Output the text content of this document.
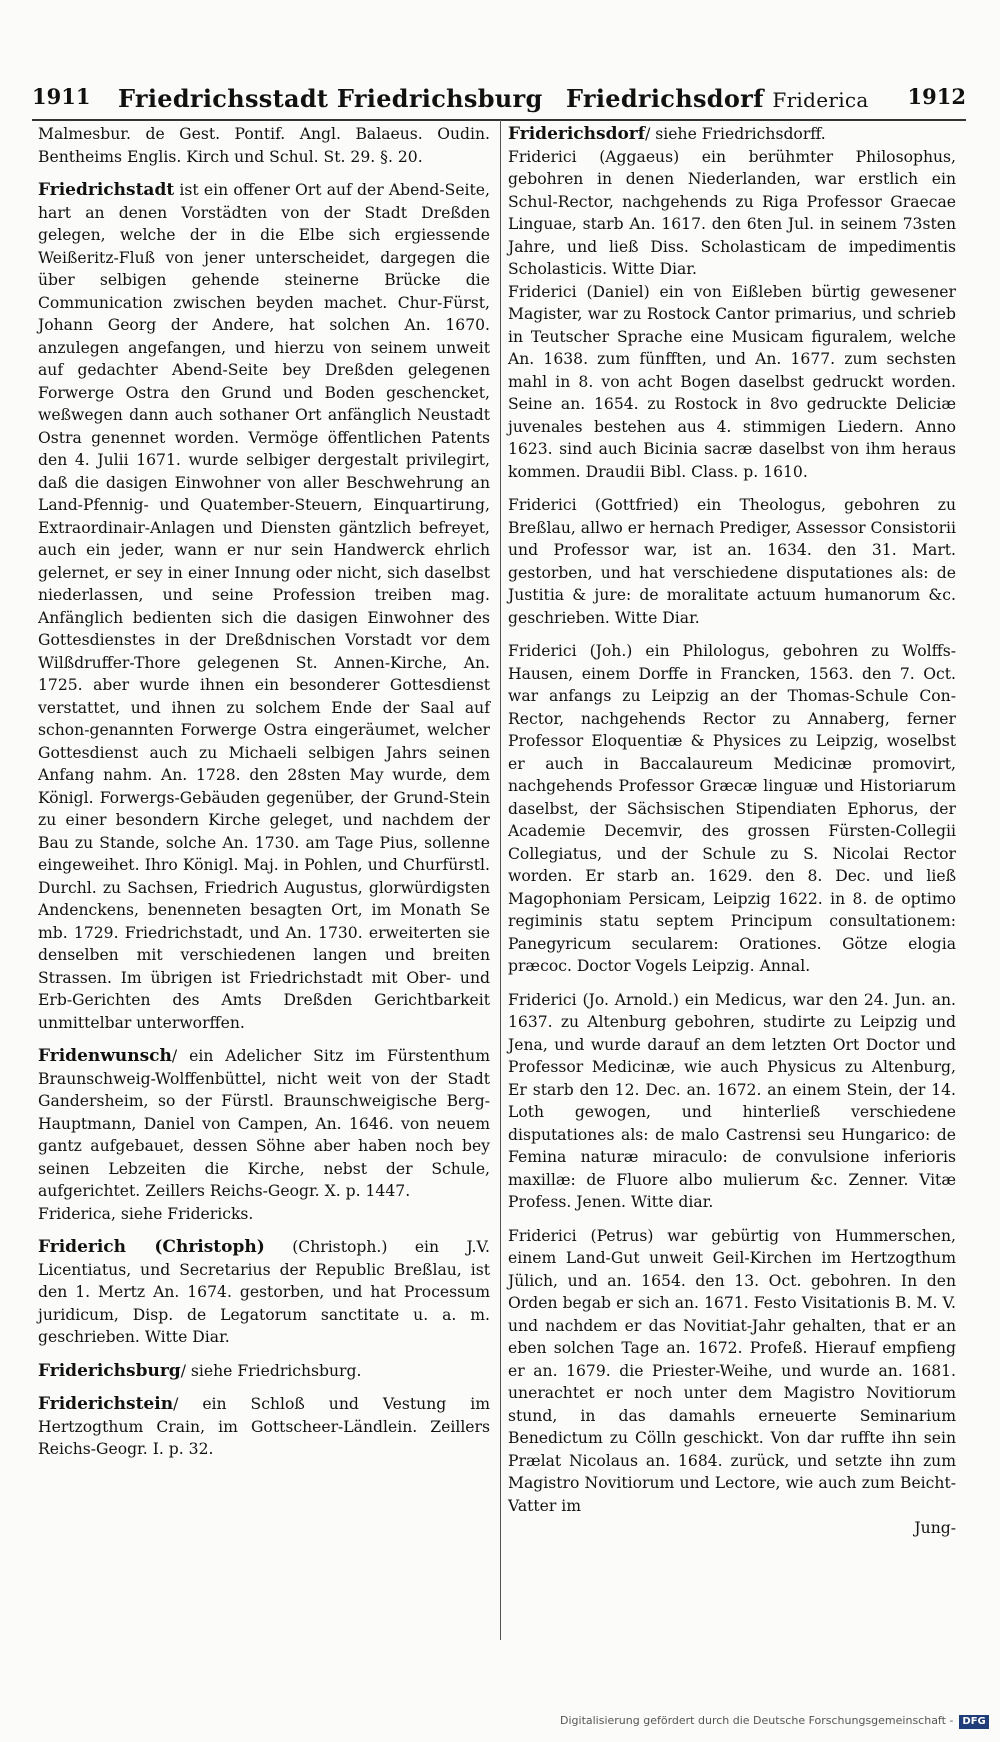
1911 Friedrichsstadt Friedrichsburg Friedrichsdorf Friderica 1912

Malmesbur. de Gest. Pontif. Angl. Balaeus. Oudin. Bentheims Englis. Kirch und Schul. St. 29. §. 20.

Friedrichstadt ist ein offener Ort auf der Abend-Seite, hart an denen Vorstädten von der Stadt Dreßden gelegen, welche der in die Elbe sich ergiessende Weißeritz-Fluß von jener unterscheidet, dargegen die über selbigen gehende steinerne Brücke die Communication zwischen beyden machet. Chur-Fürst, Johann Georg der Andere, hat solchen An. 1670. anzulegen angefangen, und hierzu von seinem unweit auf gedachter Abend-Seite bey Dreßden gelegenen Forwerge Ostra den Grund und Boden geschencket, weßwegen dann auch sothaner Ort anfänglich Neustadt Ostra genennet worden. Vermöge öffentlichen Patents den 4. Julii 1671. wurde selbiger dergestalt privilegirt, daß die dasigen Einwohner von aller Beschwehrung an Land-Pfennig- und Quatember-Steuern, Einquartirung, Extraordinair-Anlagen und Diensten gäntzlich befreyet, auch ein jeder, wann er nur sein Handwerck ehrlich gelernet, er sey in einer Innung oder nicht, sich daselbst niederlassen, und seine Profession treiben mag. Anfänglich bedienten sich die dasigen Einwohner des Gottesdienstes in der Dreßdnischen Vorstadt vor dem Wilßdruffer-Thore gelegenen St. Annen-Kirche, An. 1725. aber wurde ihnen ein besonderer Gottesdienst verstattet, und ihnen zu solchem Ende der Saal auf schon-genannten Forwerge Ostra eingeräumet, welcher Gottesdienst auch zu Michaeli selbigen Jahrs seinen Anfang nahm. An. 1728. den 28sten May wurde, dem Königl. Forwergs-Gebäuden gegenüber, der Grund-Stein zu einer besondern Kirche geleget, und nachdem der Bau zu Stande, solche An. 1730. am Tage Pius, sollenne eingeweihet. Ihro Königl. Maj. in Pohlen, und Churfürstl. Durchl. zu Sachsen, Friedrich Augustus, glorwürdigsten Andenckens, benenneten besagten Ort, im Monath Se mb. 1729. Friedrichstadt, und An. 1730. erweiterten sie denselben mit verschiedenen langen und breiten Strassen. Im übrigen ist Friedrichstadt mit Ober- und Erb-Gerichten des Amts Dreßden Gerichtbarkeit unmittelbar unterworffen.

Fridenwunsch/ ein Adelicher Sitz im Fürstenthum Braunschweig-Wolffenbüttel, nicht weit von der Stadt Gandersheim, so der Fürstl. Braunschweigische Berg-Hauptmann, Daniel von Campen, An. 1646. von neuem gantz aufgebauet, dessen Söhne aber haben noch bey seinen Lebzeiten die Kirche, nebst der Schule, aufgerichtet. Zeillers Reichs-Geogr. X. p. 1447.

Friderica, siehe Fridericks.

Friderich (Christoph) (Christoph.) ein J.V. Licentiatus, und Secretarius der Republic Breßlau, ist den 1. Mertz An. 1674. gestorben, und hat Processum juridicum, Disp. de Legatorum sanctitate u. a. m. geschrieben. Witte Diar.

Friderichsburg/ siehe Friedrichsburg.

Friderichstein/ ein Schloß und Vestung im Hertzogthum Crain, im Gottscheer-Ländlein. Zeillers Reichs-Geogr. I. p. 32.

Friderichsdorf/ siehe Friedrichsdorff.

Friderici (Aggaeus) ein berühmter Philosophus, gebohren in denen Niederlanden, war erstlich ein Schul-Rector, nachgehends zu Riga Professor Graecae Linguae, starb An. 1617. den 6ten Jul. in seinem 73sten Jahre, und ließ Diss. Scholasticam de impedimentis Scholasticis. Witte Diar.

Friderici (Daniel) ein von Eißleben bürtig gewesener Magister, war zu Rostock Cantor primarius, und schrieb in Teutscher Sprache eine Musicam figuralem, welche An. 1638. zum fünfften, und An. 1677. zum sechsten mahl in 8. von acht Bogen daselbst gedruckt worden. Seine an. 1654. zu Rostock in 8vo gedruckte Deliciæ juvenales bestehen aus 4. stimmigen Liedern. Anno 1623. sind auch Bicinia sacræ daselbst von ihm heraus kommen. Draudii Bibl. Class. p. 1610.

Friderici (Gottfried) ein Theologus, gebohren zu Breßlau, allwo er hernach Prediger, Assessor Consistorii und Professor war, ist an. 1634. den 31. Mart. gestorben, und hat verschiedene disputationes als: de Justitia & jure: de moralitate actuum humanorum &c. geschrieben. Witte Diar.

Friderici (Joh.) ein Philologus, gebohren zu Wolffs-Hausen, einem Dorffe in Francken, 1563. den 7. Oct. war anfangs zu Leipzig an der Thomas-Schule Con-Rector, nachgehends Rector zu Annaberg, ferner Professor Eloquentiæ & Physices zu Leipzig, woselbst er auch in Baccalaureum Medicinæ promovirt, nachgehends Professor Græcæ linguæ und Historiarum daselbst, der Sächsischen Stipendiaten Ephorus, der Academie Decemvir, des grossen Fürsten-Collegii Collegiatus, und der Schule zu S. Nicolai Rector worden. Er starb an. 1629. den 8. Dec. und ließ Magophoniam Persicam, Leipzig 1622. in 8. de optimo regiminis statu septem Principum consultationem: Panegyricum secularem: Orationes. Götze elogia præcoc. Doctor Vogels Leipzig. Annal.

Friderici (Jo. Arnold.) ein Medicus, war den 24. Jun. an. 1637. zu Altenburg gebohren, studirte zu Leipzig und Jena, und wurde darauf an dem letzten Ort Doctor und Professor Medicinæ, wie auch Physicus zu Altenburg, Er starb den 12. Dec. an. 1672. an einem Stein, der 14. Loth gewogen, und hinterließ verschiedene disputationes als: de malo Castrensi seu Hungarico: de Femina naturæ miraculo: de convulsione inferioris maxillæ: de Fluore albo mulierum &c. Zenner. Vitæ Profess. Jenen. Witte diar.

Friderici (Petrus) war gebürtig von Hummerschen, einem Land-Gut unweit Geil-Kirchen im Hertzogthum Jülich, und an. 1654. den 13. Oct. gebohren. In den Orden begab er sich an. 1671. Festo Visitationis B. M. V. und nachdem er das Novitiat-Jahr gehalten, that er an eben solchen Tage an. 1672. Profeß. Hierauf empfieng er an. 1679. die Priester-Weihe, und wurde an. 1681. unerachtet er noch unter dem Magistro Novitiorum stund, in das damahls erneuerte Seminarium Benedictum zu Cölln geschickt. Von dar ruffte ihn sein Prælat Nicolaus an. 1684. zurück, und setzte ihn zum Magistro Novitiorum und Lectore, wie auch zum Beicht-Vatter im

Jung-

Digitalisierung gefördert durch die Deutsche Forschungsgemeinschaft - DFG
